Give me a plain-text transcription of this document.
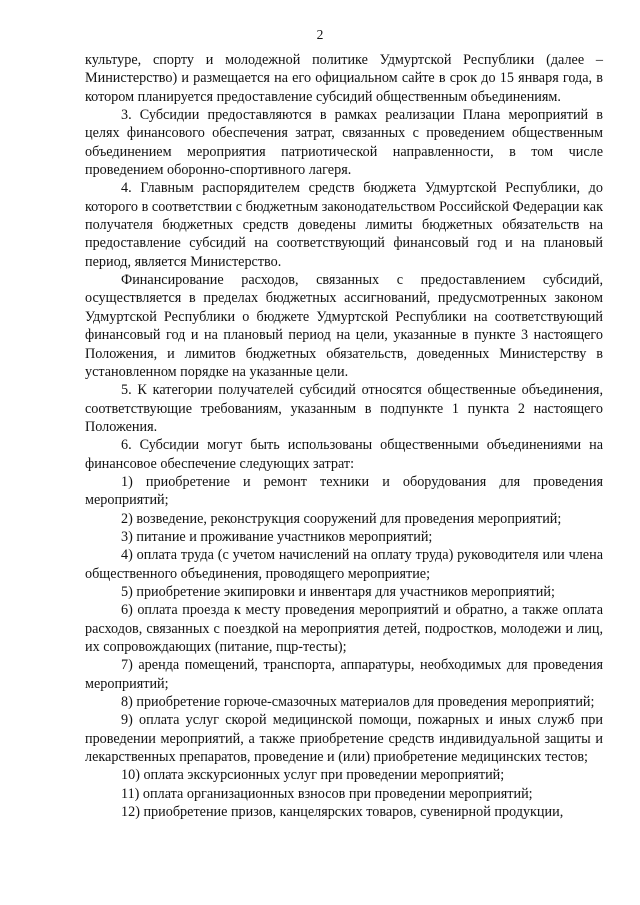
2

культуре, спорту и молодежной политике Удмуртской Республики (далее – Министерство) и размещается на его официальном сайте в срок до 15 января года, в котором планируется предоставление субсидий общественным объединениям.

3. Субсидии предоставляются в рамках реализации Плана мероприятий в целях финансового обеспечения затрат, связанных с проведением общественным объединением мероприятия патриотической направленности, в том числе проведением оборонно-спортивного лагеря.

4. Главным распорядителем средств бюджета Удмуртской Республики, до которого в соответствии с бюджетным законодательством Российской Федерации как получателя бюджетных средств доведены лимиты бюджетных обязательств на предоставление субсидий на соответствующий финансовый год и на плановый период, является Министерство.

Финансирование расходов, связанных с предоставлением субсидий, осуществляется в пределах бюджетных ассигнований, предусмотренных законом Удмуртской Республики о бюджете Удмуртской Республики на соответствующий финансовый год и на плановый период на цели, указанные в пункте 3 настоящего Положения, и лимитов бюджетных обязательств, доведенных Министерству в установленном порядке на указанные цели.

5. К категории получателей субсидий относятся общественные объединения, соответствующие требованиям, указанным в подпункте 1 пункта 2 настоящего Положения.

6. Субсидии могут быть использованы общественными объединениями на финансовое обеспечение следующих затрат:

1) приобретение и ремонт техники и оборудования для проведения мероприятий;

2) возведение, реконструкция сооружений для проведения мероприятий;

3) питание и проживание участников мероприятий;

4) оплата труда (с учетом начислений на оплату труда) руководителя или члена общественного объединения, проводящего мероприятие;

5) приобретение экипировки и инвентаря для участников мероприятий;

6) оплата проезда к месту проведения мероприятий и обратно, а также оплата расходов, связанных с поездкой на мероприятия детей, подростков, молодежи и лиц, их сопровождающих (питание, пцр-тесты);

7) аренда помещений, транспорта, аппаратуры, необходимых для проведения мероприятий;

8) приобретение горюче-смазочных материалов для проведения мероприятий;

9) оплата услуг скорой медицинской помощи, пожарных и иных служб при проведении мероприятий, а также приобретение средств индивидуальной защиты и лекарственных препаратов, проведение и (или) приобретение медицинских тестов;

10) оплата экскурсионных услуг при проведении мероприятий;

11) оплата организационных взносов при проведении мероприятий;

12) приобретение призов, канцелярских товаров, сувенирной продукции,
